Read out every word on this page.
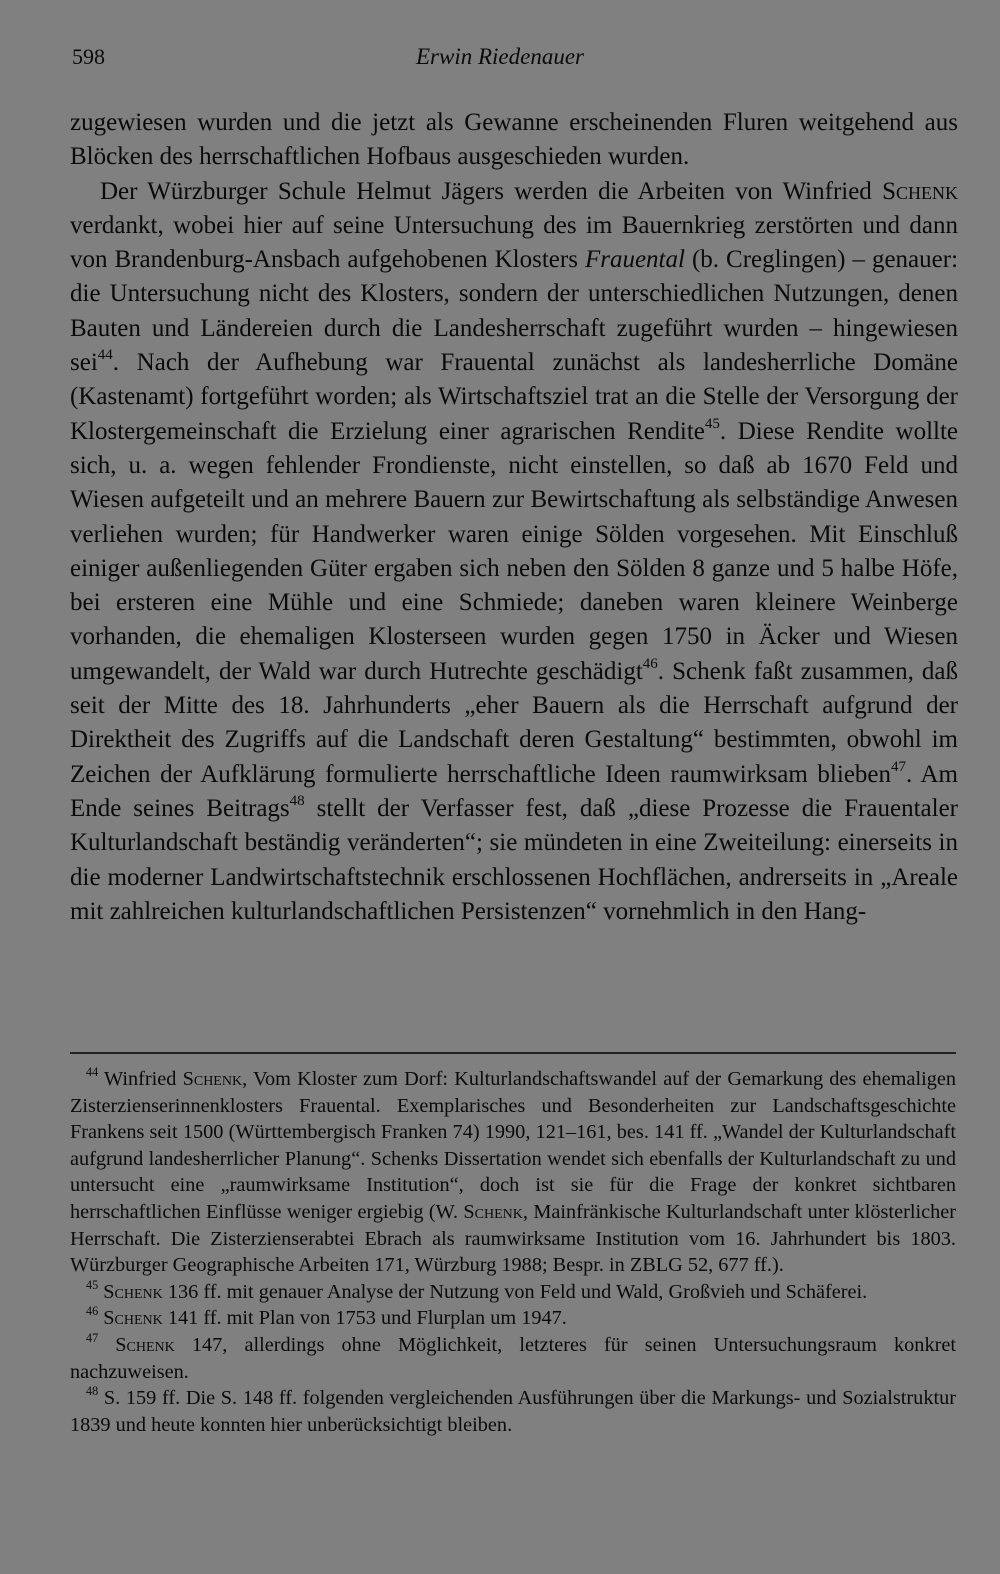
598	Erwin Riedenauer

zugewiesen wurden und die jetzt als Gewanne erscheinenden Fluren weitgehend aus Blöcken des herrschaftlichen Hofbaus ausgeschieden wurden.

Der Würzburger Schule Helmut Jägers werden die Arbeiten von Winfried Schenk verdankt, wobei hier auf seine Untersuchung des im Bauernkrieg zerstörten und dann von Brandenburg-Ansbach aufgehobenen Klosters Frauental (b. Creglingen) – genauer: die Untersuchung nicht des Klosters, sondern der unterschiedlichen Nutzungen, denen Bauten und Ländereien durch die Landesherrschaft zugeführt wurden – hingewiesen sei$^{44}$. Nach der Aufhebung war Frauental zunächst als landesherrliche Domäne (Kastenamt) fortgeführt worden; als Wirtschaftsziel trat an die Stelle der Versorgung der Klostergemeinschaft die Erzielung einer agrarischen Rendite$^{45}$. Diese Rendite wollte sich, u. a. wegen fehlender Frondienste, nicht einstellen, so daß ab 1670 Feld und Wiesen aufgeteilt und an mehrere Bauern zur Bewirtschaftung als selbständige Anwesen verliehen wurden; für Handwerker waren einige Sölden vorgesehen. Mit Einschluß einiger außenliegenden Güter ergaben sich neben den Sölden 8 ganze und 5 halbe Höfe, bei ersteren eine Mühle und eine Schmiede; daneben waren kleinere Weinberge vorhanden, die ehemaligen Klosterseen wurden gegen 1750 in Äcker und Wiesen umgewandelt, der Wald war durch Hutrechte geschädigt$^{46}$. Schenk faßt zusammen, daß seit der Mitte des 18. Jahrhunderts „eher Bauern als die Herrschaft aufgrund der Direktheit des Zugriffs auf die Landschaft deren Gestaltung“ bestimmten, obwohl im Zeichen der Aufklärung formulierte herrschaftliche Ideen raumwirksam blieben$^{47}$. Am Ende seines Beitrags$^{48}$ stellt der Verfasser fest, daß „diese Prozesse die Frauentaler Kulturlandschaft beständig veränderten“; sie mündeten in eine Zweiteilung: einerseits in die moderner Landwirtschaftstechnik erschlossenen Hochflächen, andrerseits in „Areale mit zahlreichen kulturlandschaftlichen Persistenzen“ vornehmlich in den Hang-

$^{44}$ Winfried Schenk, Vom Kloster zum Dorf: Kulturlandschaftswandel auf der Gemarkung des ehemaligen Zisterzienserinnenklosters Frauental. Exemplarisches und Besonderheiten zur Landschaftsgeschichte Frankens seit 1500 (Württembergisch Franken 74) 1990, 121–161, bes. 141 ff. „Wandel der Kulturlandschaft aufgrund landesherrlicher Planung“. Schenks Dissertation wendet sich ebenfalls der Kulturlandschaft zu und untersucht eine „raumwirksame Institution“, doch ist sie für die Frage der konkret sichtbaren herrschaftlichen Einflüsse weniger ergiebig (W. Schenk, Mainfränkische Kulturlandschaft unter klösterlicher Herrschaft. Die Zisterzienserabtei Ebrach als raumwirksame Institution vom 16. Jahrhundert bis 1803. Würzburger Geographische Arbeiten 171, Würzburg 1988; Bespr. in ZBLG 52, 677 ff.).

$^{45}$ Schenk 136 ff. mit genauer Analyse der Nutzung von Feld und Wald, Großvieh und Schäferei.

$^{46}$ Schenk 141 ff. mit Plan von 1753 und Flurplan um 1947.

$^{47}$ Schenk 147, allerdings ohne Möglichkeit, letzteres für seinen Untersuchungsraum konkret nachzuweisen.

$^{48}$ S. 159 ff. Die S. 148 ff. folgenden vergleichenden Ausführungen über die Markungs- und Sozialstruktur 1839 und heute konnten hier unberücksichtigt bleiben.
